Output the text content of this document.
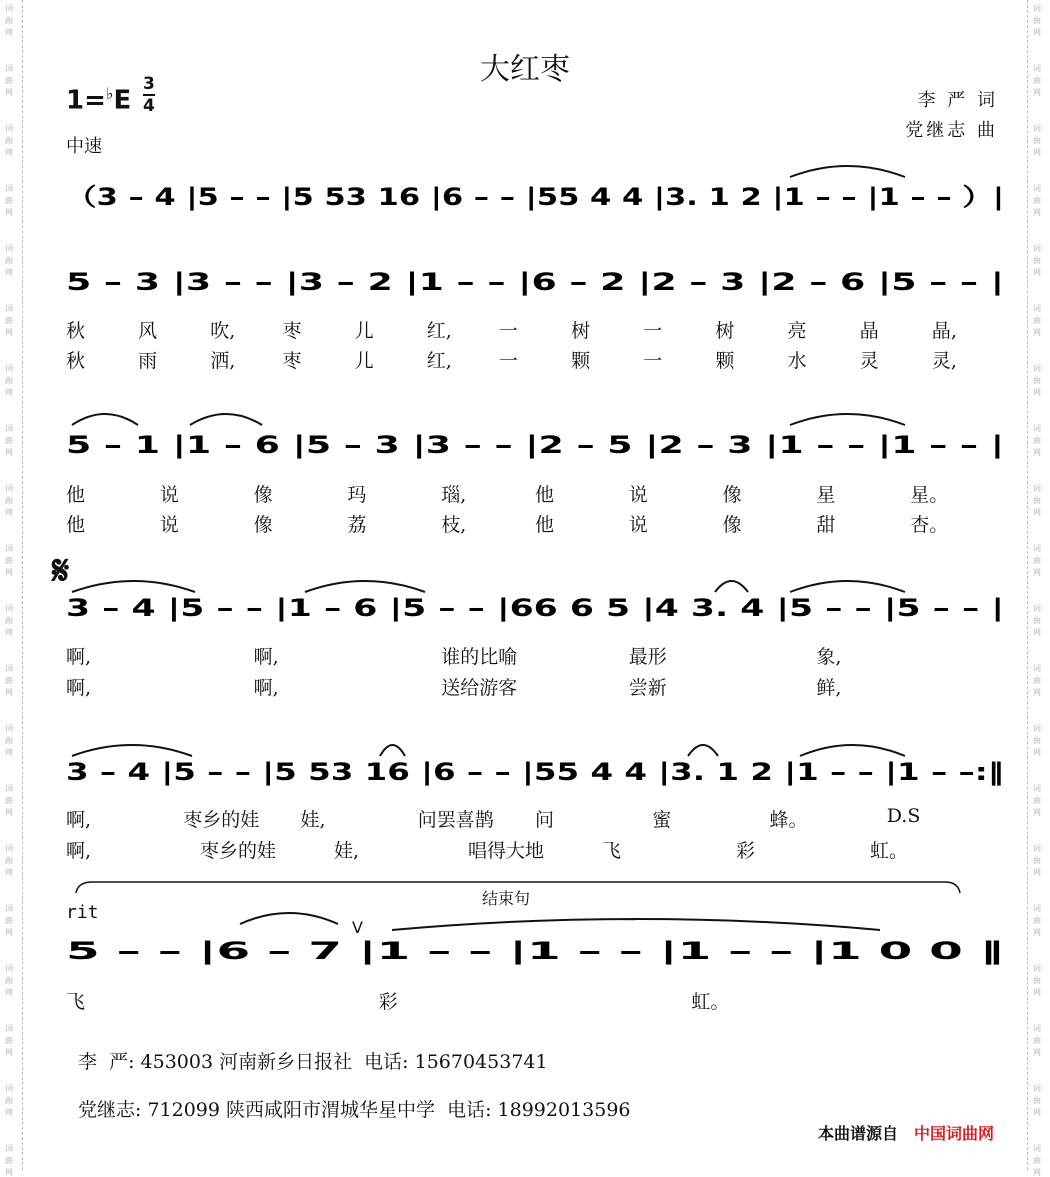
词
曲
网
词
曲
网
词
曲
网
词
曲
网
词
曲
网
词
曲
网
词
曲
网
词
曲
网
词
曲
网
词
曲
网
词
曲
网
词
曲
网
词
曲
网
词
曲
网
词
曲
网
词
曲
网
词
曲
网
词
曲
网
词
曲
网
词
曲
网
词
曲
网
词
曲
网
词
曲
网
词
曲
网
词
曲
网
词
曲
网
词
曲
网
词
曲
网
词
曲
网
词
曲
网
词
曲
网
词
曲
网
词
曲
网
词
曲
网
词
曲
网
词
曲
网
词
曲
网
词
曲
网
词
曲
网
词
曲
网
大红枣
$1=^♭E \frac{3}{4}$
中速
李 严 词
党继志 曲
（3 – 4 |5 – – |5 53 16 |6 – – |55 4 4 |3. 1 2 |1 – – |1 – – ）|
5 – 3 |3 – – |3 – 2 |1 – – |6 – 2 |2 – 3 |2 – 6 |5 – – |
5 – 1 |1 – 6 |5 – 3 |3 – – |2 – 5 |2 – 3 |1 – – |1 – – |
3 – 4 |5 – – |1 – 6 |5 – – |66 6 5 |4 3. 4 |5 – – |5 – – |
3 – 4 |5 – – |5 53 16 |6 – – |55 4 4 |3. 1 2 |1 – – |1 – –:‖
5 – – |6 – 7 |1 – – |1 – – |1 – – |1 0 0 ‖
𝄋
rit
结束句
V
秋	风	吹, 枣	儿	红, 一	树	一	树	亮	晶	晶,
秋	雨	洒, 枣	儿	红, 一	颗	一	颗	水	灵	灵,
他	说	像	玛	瑙,	他	说	像	星	星。
他	说	像	荔	枝,	他	说	像	甜	杏。
啊,	啊,	谁的比喻	最形	象,
啊,	啊,	送给游客	尝新	鲜,
啊,	枣乡的娃 娃,	问罢喜鹊 问	蜜	蜂。	D.S
啊,	枣乡的娃	娃,	唱得大地	飞	彩	虹。
飞	彩	虹。
李  严: 453003 河南新乡日报社  电话: 15670453741
党继志: 712099 陕西咸阳市渭城华星中学  电话: 18992013596
本曲谱源自 中国词曲网
